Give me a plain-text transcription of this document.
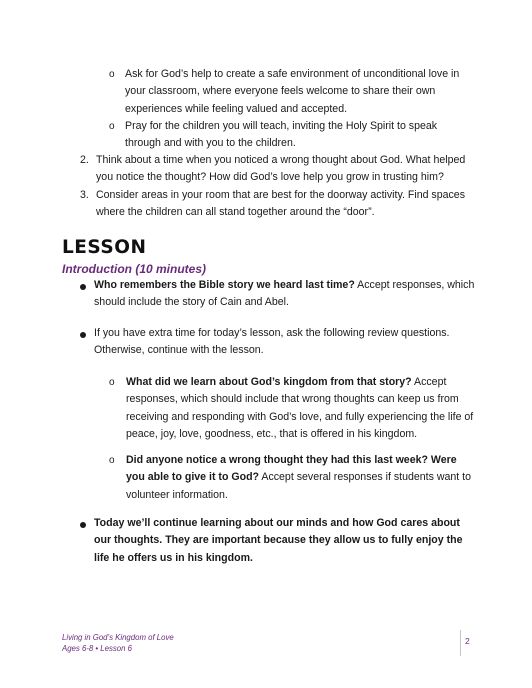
o Ask for God’s help to create a safe environment of unconditional love in your classroom, where everyone feels welcome to share their own experiences while feeling valued and accepted.
o Pray for the children you will teach, inviting the Holy Spirit to speak through and with you to the children.
2. Think about a time when you noticed a wrong thought about God. What helped you notice the thought? How did God’s love help you grow in trusting him?
3. Consider areas in your room that are best for the doorway activity. Find spaces where the children can all stand together around the “door”.
LESSON
Introduction (10 minutes)
Who remembers the Bible story we heard last time? Accept responses, which should include the story of Cain and Abel.
If you have extra time for today’s lesson, ask the following review questions. Otherwise, continue with the lesson.
o What did we learn about God’s kingdom from that story? Accept responses, which should include that wrong thoughts can keep us from receiving and responding with God’s love, and fully experiencing the life of peace, joy, love, goodness, etc., that is offered in his kingdom.
o Did anyone notice a wrong thought they had this last week? Were you able to give it to God? Accept several responses if students want to volunteer information.
Today we’ll continue learning about our minds and how God cares about our thoughts. They are important because they allow us to fully enjoy the life he offers us in his kingdom.
Living in God’s Kingdom of Love
Ages 6-8 • Lesson 6
2
